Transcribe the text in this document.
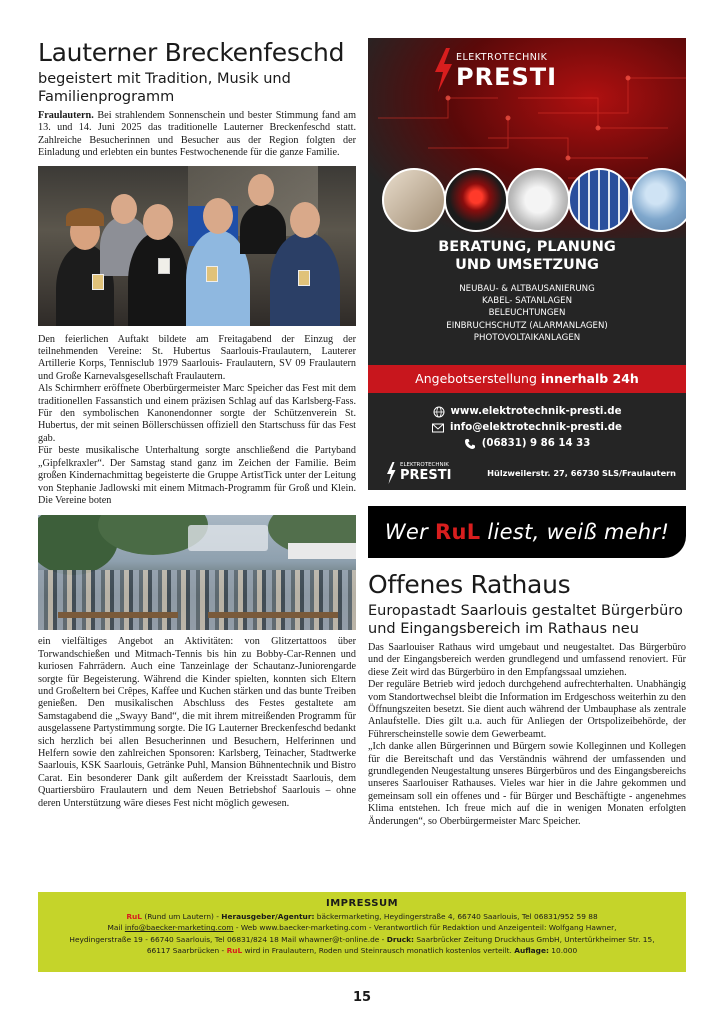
Lauterner Breckenfeschd
begeistert mit Tradition, Musik und Familienprogramm

Fraulautern. Bei strahlendem Sonnenschein und bester Stimmung fand am 13. und 14. Juni 2025 das traditionelle Lauterner Breckenfeschd statt. Zahlreiche Besucherinnen und Besucher aus der Region folgten der Einladung und erlebten ein buntes Festwochenende für die ganze Familie.

Den feierlichen Auftakt bildete am Freitagabend der Einzug der teilnehmenden Vereine: St. Hubertus Saarlouis-Fraulautern, Lauterer Artillerie Korps, Tennisclub 1979 Saarlouis- Fraulautern, SV 09 Fraulautern und Große Karnevalsgesellschaft Fraulautern.

Als Schirmherr eröffnete Oberbürgermeister Marc Speicher das Fest mit dem traditionellen Fassanstich und einem präzisen Schlag auf das Karlsberg-Fass. Für den symbolischen Kanonendonner sorgte der Schützenverein St. Hubertus, der mit seinen Böllerschüssen offiziell den Startschuss für das Fest gab.

Für beste musikalische Unterhaltung sorgte anschließend die Partyband „Gipfelkraxler“. Der Samstag stand ganz im Zeichen der Familie. Beim großen Kindernachmittag begeisterte die Gruppe ArtistTick unter der Leitung von Stephanie Jadlowski mit einem Mitmach-Programm für Groß und Klein. Die Vereine boten

ein vielfältiges Angebot an Aktivitäten: von Glitzertattoos über Torwandschießen und Mitmach-Tennis bis hin zu Bobby-Car-Rennen und kuriosen Fahrrädern. Auch eine Tanzeinlage der Schautanz-Juniorengarde sorgte für Begeisterung. Während die Kinder spielten, konnten sich Eltern und Großeltern bei Crêpes, Kaffee und Kuchen stärken und das bunte Treiben genießen. Den musikalischen Abschluss des Festes gestaltete am Samstagabend die „Swayy Band“, die mit ihrem mitreißenden Programm für ausgelassene Partystimmung sorgte. Die IG Lauterner Breckenfeschd bedankt sich herzlich bei allen Besucherinnen und Besuchern, Helferinnen und Helfern sowie den zahlreichen Sponsoren: Karlsberg, Teinacher, Stadtwerke Saarlouis, KSK Saarlouis, Getränke Puhl, Mansion Bühnentechnik und Bistro Carat. Ein besonderer Dank gilt außerdem der Kreisstadt Saarlouis, dem Quartiersbüro Fraulautern und dem Neuen Betriebshof Saarlouis – ohne deren Unterstützung wäre dieses Fest nicht möglich gewesen.

ELEKTROTECHNIK
PRESTI
BERATUNG, PLANUNG
UND UMSETZUNG
NEUBAU- & ALTBAUSANIERUNG
KABEL- SATANLAGEN
BELEUCHTUNGEN
EINBRUCHSCHUTZ (ALARMANLAGEN)
PHOTOVOLTAIKANLAGEN
Angebotserstellung innerhalb 24h
www.elektrotechnik-presti.de
info@elektrotechnik-presti.de
(06831) 9 86 14 33
ELEKTROTECHNIK
PRESTI	Hülzweilerstr. 27, 66730 SLS/Fraulautern
Wer RuL liest, weiß mehr!
Offenes Rathaus
Europastadt Saarlouis gestaltet Bürgerbüro und Eingangsbereich im Rathaus neu

Das Saarlouiser Rathaus wird umgebaut und neugestaltet. Das Bürgerbüro und der Eingangsbereich werden grundlegend und umfassend renoviert. Für diese Zeit wird das Bürgerbüro in den Empfangssaal umziehen.

Der reguläre Betrieb wird jedoch durchgehend aufrechterhalten. Unabhängig vom Standortwechsel bleibt die Information im Erdgeschoss weiterhin zu den Öffnungszeiten besetzt. Sie dient auch während der Umbauphase als zentrale Anlaufstelle. Dies gilt u.a. auch für Anliegen der Ortspolizeibehörde, der Führerscheinstelle sowie dem Gewerbeamt.

„Ich danke allen Bürgerinnen und Bürgern sowie Kolleginnen und Kollegen für die Bereitschaft und das Verständnis während der umfassenden und grundlegenden Neugestaltung unseres Bürgerbüros und des Eingangsbereichs unseres Saarlouiser Rathauses. Vieles war hier in die Jahre gekommen und gemeinsam soll ein offenes und - für Bürger und Beschäftigte - angenehmes Klima entstehen. Ich freue mich auf die in wenigen Monaten erfolgten Änderungen“, so Oberbürgermeister Marc Speicher.

IMPRESSUM
RuL (Rund um Lautern) - Herausgeber/Agentur: bäckermarketing, Heydingerstraße 4, 66740 Saarlouis, Tel 06831/952 59 88
Mail info@baecker-marketing.com - Web www.baecker-marketing.com - Verantwortlich für Redaktion und Anzeigenteil: Wolfgang Hawner,
Heydingerstraße 19 - 66740 Saarlouis, Tel 06831/824 18 Mail whawner@t-online.de - Druck: Saarbrücker Zeitung Druckhaus GmbH, Untertürkheimer Str. 15,
66117 Saarbrücken - RuL wird in Fraulautern, Roden und Steinrausch monatlich kostenlos verteilt. Auflage: 10.000
15
